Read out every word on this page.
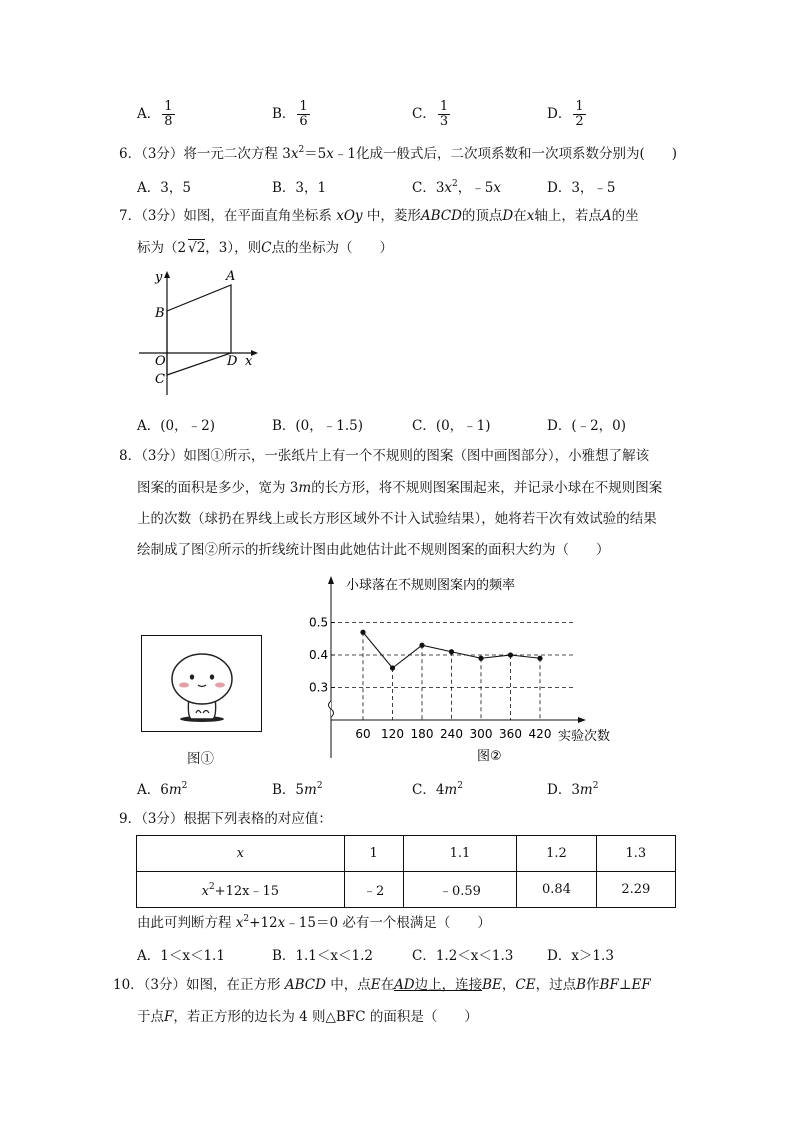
A． $\frac{1}{8}$	B． $\frac{1}{6}$	C． $\frac{1}{3}$	D． $\frac{1}{2}$
6．（3分）将一元二次方程 $3x^2=5x﹣1$化成一般式后，二次项系数和一次项系数分别为(　　)
A．3，5	B．3，1	C．$3x^2$，﹣5x	D．3，﹣5
7．（3分）如图，在平面直角坐标系 xOy 中，菱形ABCD的顶点D在x轴上，若点A的坐
标为（2 √2，3），则C点的坐标为（　　）
y	A
B
O	D x
C
A．(0，﹣2)	B．(0，﹣1.5)	C．(0，﹣1)	D．(﹣2，0)
8．（3分）如图①所示，一张纸片上有一个不规则的图案（图中画图部分），小雅想了解该
图案的面积是多少，宽为 3m的长方形，将不规则图案围起来，并记录小球在不规则图案
上的次数（球扔在界线上或长方形区域外不计入试验结果），她将若干次有效试验的结果
绘制成了图②所示的折线统计图由此她估计此不规则图案的面积大约为（　　）
图①
小球落在不规则图案内的频率
实验次数
图②
0.3
0.4
0.5
60 120 180 240 300 360 420
A．$6m^2$	B．$5m^2$	C．$4m^2$	D．$3m^2$
9．（3分）根据下列表格的对应值：
x	1	1.1	1.2	1.3
$x^2+12x﹣15$	﹣2	﹣0.59	0.84	2.29
由此可判断方程 $x^2+12x﹣15=0$ 必有一个根满足（　　）
A．1＜x＜1.1	B．1.1＜x＜1.2	C．1.2＜x＜1.3 D．x＞1.3
10．（3分）如图，在正方形 ABCD 中，点E在AD边上，连接BE，CE，过点B作BF⊥EF
于点F，若正方形的边长为 4 则△BFC 的面积是（　　）
